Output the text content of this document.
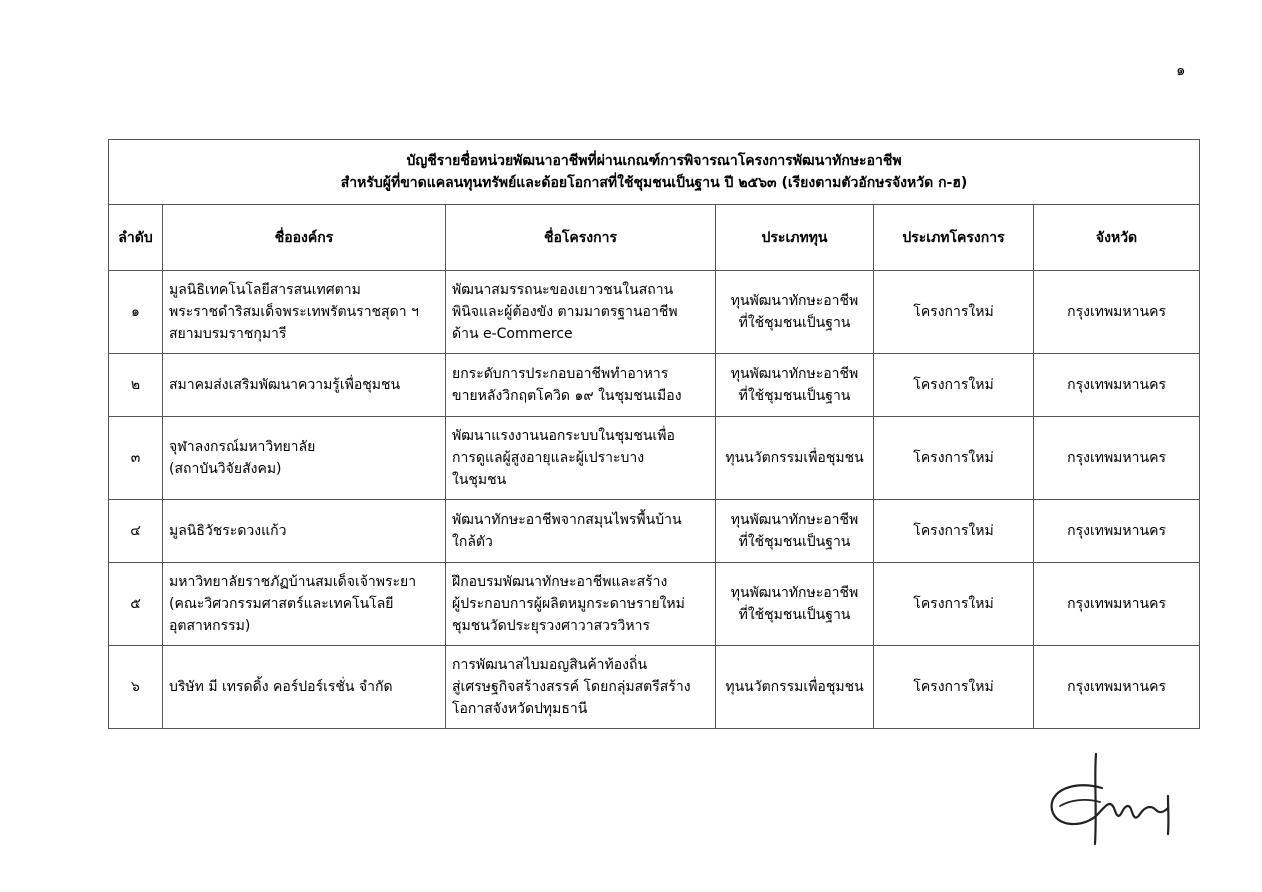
๑
บัญชีรายชื่อหน่วยพัฒนาอาชีพที่ผ่านเกณฑ์การพิจารณาโครงการพัฒนาทักษะอาชีพ
สำหรับผู้ที่ขาดแคลนทุนทรัพย์และด้อยโอกาสที่ใช้ชุมชนเป็นฐาน ปี ๒๕๖๓ (เรียงตามตัวอักษรจังหวัด ก-ฮ)					

ลำดับ	ชื่อองค์กร	ชื่อโครงการ	ประเภททุน	ประเภทโครงการ	จังหวัด
๑	มูลนิธิเทคโนโลยีสารสนเทศตาม
พระราชดำริสมเด็จพระเทพรัตนราชสุดา ฯ
สยามบรมราชกุมารี	พัฒนาสมรรถนะของเยาวชนในสถาน
พินิจและผู้ต้องขัง ตามมาตรฐานอาชีพ
ด้าน e-Commerce	ทุนพัฒนาทักษะอาชีพ
ที่ใช้ชุมชนเป็นฐาน	โครงการใหม่	กรุงเทพมหานคร
๒	สมาคมส่งเสริมพัฒนาความรู้เพื่อชุมชน	ยกระดับการประกอบอาชีพทำอาหาร
ขายหลังวิกฤตโควิด ๑๙ ในชุมชนเมือง	ทุนพัฒนาทักษะอาชีพ
ที่ใช้ชุมชนเป็นฐาน	โครงการใหม่	กรุงเทพมหานคร
๓	จุฬาลงกรณ์มหาวิทยาลัย
(สถาบันวิจัยสังคม)	พัฒนาแรงงานนอกระบบในชุมชนเพื่อ
การดูแลผู้สูงอายุและผู้เปราะบาง
ในชุมชน	ทุนนวัตกรรมเพื่อชุมชน	โครงการใหม่	กรุงเทพมหานคร
๔	มูลนิธิวัชระดวงแก้ว	พัฒนาทักษะอาชีพจากสมุนไพรพื้นบ้าน
ใกล้ตัว	ทุนพัฒนาทักษะอาชีพ
ที่ใช้ชุมชนเป็นฐาน	โครงการใหม่	กรุงเทพมหานคร
๕	มหาวิทยาลัยราชภัฏบ้านสมเด็จเจ้าพระยา
(คณะวิศวกรรมศาสตร์และเทคโนโลยี
อุตสาหกรรม)	ฝึกอบรมพัฒนาทักษะอาชีพและสร้าง
ผู้ประกอบการผู้ผลิตหมูกระดาษรายใหม่
ชุมชนวัดประยุรวงศาวาสวรวิหาร	ทุนพัฒนาทักษะอาชีพ
ที่ใช้ชุมชนเป็นฐาน	โครงการใหม่	กรุงเทพมหานคร
๖	บริษัท มี เทรดดิ้ง คอร์ปอร์เรชั่น จำกัด	การพัฒนาสไบมอญสินค้าท้องถิ่น
สู่เศรษฐกิจสร้างสรรค์ โดยกลุ่มสตรีสร้าง
โอกาสจังหวัดปทุมธานี	ทุนนวัตกรรมเพื่อชุมชน	โครงการใหม่	กรุงเทพมหานคร
